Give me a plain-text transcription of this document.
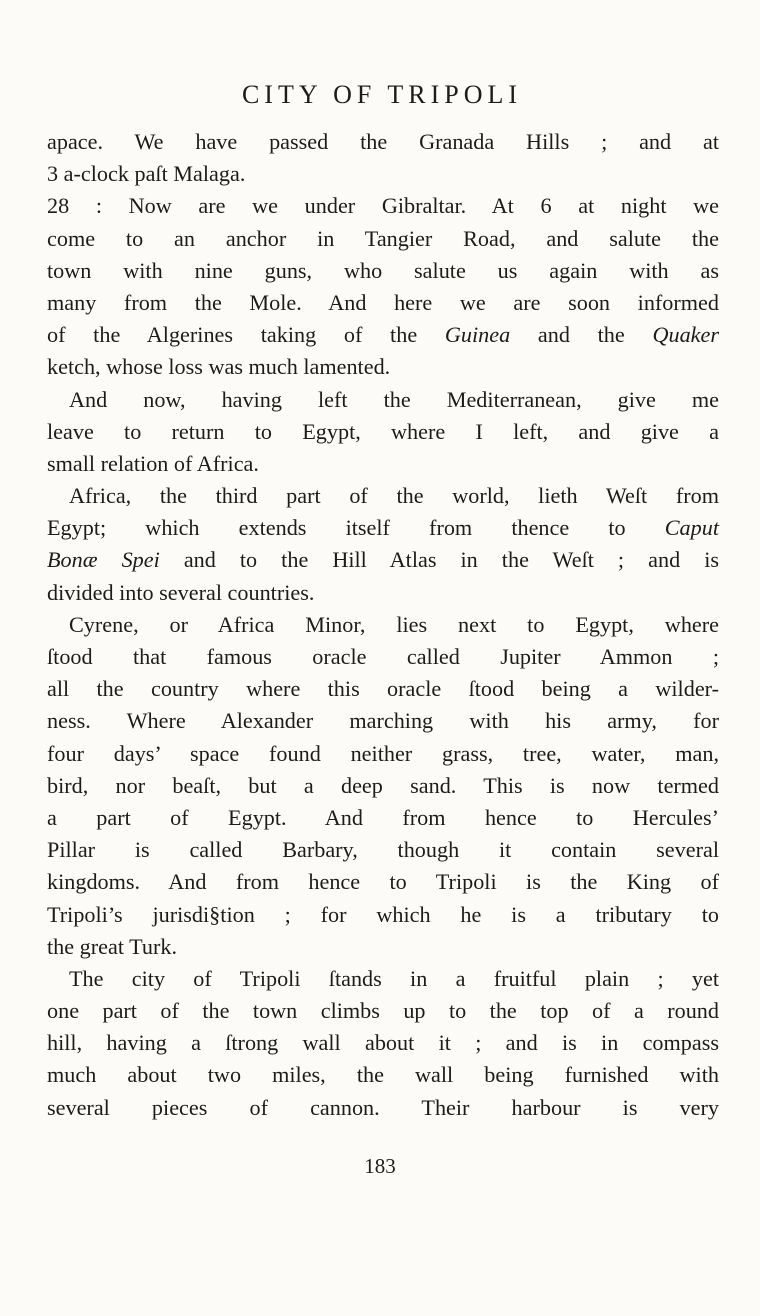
CITY OF TRIPOLI
apace. We have passed the Granada Hills ; and at
3 a-clock paſt Malaga.
28 : Now are we under Gibraltar. At 6 at night we
come to an anchor in Tangier Road, and salute the
town with nine guns, who salute us again with as
many from the Mole. And here we are soon informed
of the Algerines taking of the Guinea and the Quaker
ketch, whose loss was much lamented.
And now, having left the Mediterranean, give me
leave to return to Egypt, where I left, and give a
small relation of Africa.
Africa, the third part of the world, lieth Weſt from
Egypt; which extends itself from thence to Caput
Bonæ Spei and to the Hill Atlas in the Weſt ; and is
divided into several countries.
Cyrene, or Africa Minor, lies next to Egypt, where
ſtood that famous oracle called Jupiter Ammon ;
all the country where this oracle ſtood being a wilder-
ness. Where Alexander marching with his army, for
four days’ space found neither grass, tree, water, man,
bird, nor beaſt, but a deep sand. This is now termed
a part of Egypt. And from hence to Hercules’
Pillar is called Barbary, though it contain several
kingdoms. And from hence to Tripoli is the King of
Tripoli’s jurisdi§tion ; for which he is a tributary to
the great Turk.
The city of Tripoli ſtands in a fruitful plain ; yet
one part of the town climbs up to the top of a round
hill, having a ſtrong wall about it ; and is in compass
much about two miles, the wall being furnished with
several pieces of cannon. Their harbour is very
183
